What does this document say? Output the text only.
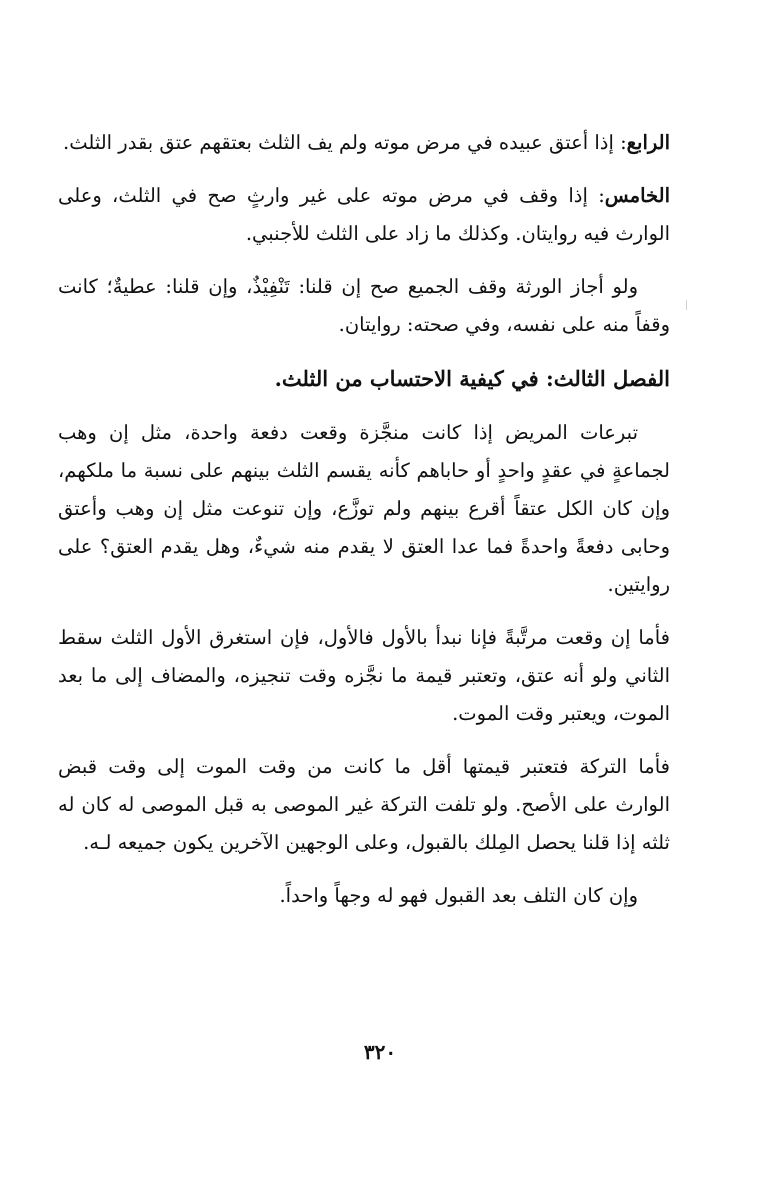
الرابع: إذا أعتق عبيده في مرض موته ولم يف الثلث بعتقهم عتق بقدر الثلث.

الخامس: إذا وقف في مرض موته على غير وارثٍ صح في الثلث، وعلى الوارث فيه روايتان. وكذلك ما زاد على الثلث للأجنبي.

ولو أجاز الورثة وقف الجميع صح إن قلنا: تَنْفِيْذٌ، وإن قلنا: عطيةٌ؛ كانت وقفاً منه على نفسه، وفي صحته: روايتان.

الفصل الثالث: في كيفية الاحتساب من الثلث.

تبرعات المريض إذا كانت منجَّزة وقعت دفعة واحدة، مثل إن وهب لجماعةٍ في عقدٍ واحدٍ أو حاباهم كأنه يقسم الثلث بينهم على نسبة ما ملكهم، وإن كان الكل عتقاً أقرع بينهم ولم توزَّع، وإن تنوعت مثل إن وهب وأعتق وحابى دفعةً واحدةً فما عدا العتق لا يقدم منه شيءٌ، وهل يقدم العتق؟ على روايتين.

فأما إن وقعت مرتَّبةً فإنا نبدأ بالأول فالأول، فإن استغرق الأول الثلث سقط الثاني ولو أنه عتق، وتعتبر قيمة ما نجَّزه وقت تنجيزه، والمضاف إلى ما بعد الموت، ويعتبر وقت الموت.

فأما التركة فتعتبر قيمتها أقل ما كانت من وقت الموت إلى وقت قبض الوارث على الأصح. ولو تلفت التركة غير الموصى به قبل الموصى له كان له ثلثه إذا قلنا يحصل المِلك بالقبول، وعلى الوجهين الآخرين يكون جميعه لـه.

وإن كان التلف بعد القبول فهو له وجهاً واحداً.

٣٢٠
